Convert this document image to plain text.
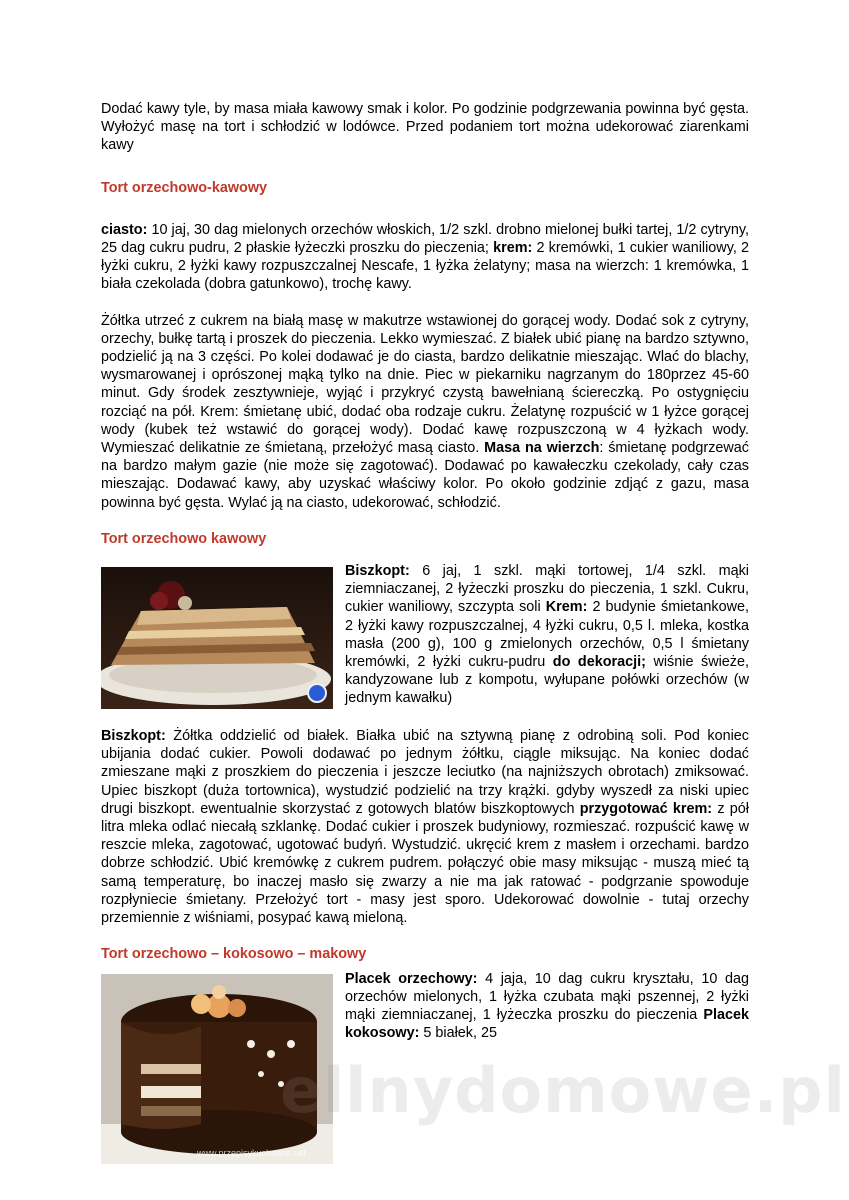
Dodać kawy tyle, by masa miała kawowy smak i kolor. Po godzinie podgrzewania powinna być gęsta. Wyłożyć masę na tort i schłodzić w lodówce. Przed podaniem tort można udekorować ziarenkami kawy

Tort orzechowo-kawowy

ciasto: 10 jaj, 30 dag mielonych orzechów włoskich, 1/2 szkl. drobno mielonej bułki tartej, 1/2 cytryny, 25 dag cukru pudru, 2 płaskie łyżeczki proszku do pieczenia; krem: 2 kremówki, 1 cukier waniliowy, 2 łyżki cukru, 2 łyżki kawy rozpuszczalnej Nescafe, 1 łyżka żelatyny; masa na wierzch: 1 kremówka, 1 biała czekolada (dobra gatunkowo), trochę kawy.

Żółtka utrzeć z cukrem na białą masę w makutrze wstawionej do gorącej wody. Dodać sok z cytryny, orzechy, bułkę tartą i proszek do pieczenia. Lekko wymieszać. Z białek ubić pianę na bardzo sztywno, podzielić ją na 3 części. Po kolei dodawać je do ciasta, bardzo delikatnie mieszając. Wlać do blachy, wysmarowanej i oprószonej mąką tylko na dnie. Piec w piekarniku nagrzanym do 180przez 45-60 minut. Gdy środek zesztywnieje, wyjąć i przykryć czystą bawełnianą ściereczką. Po ostygnięciu rozciąć na pół. Krem: śmietanę ubić, dodać oba rodzaje cukru. Żelatynę rozpuścić w 1 łyżce gorącej wody (kubek też wstawić do gorącej wody). Dodać kawę rozpuszczoną w 4 łyżkach wody. Wymieszać delikatnie ze śmietaną, przełożyć masą ciasto. Masa na wierzch: śmietanę podgrzewać na bardzo małym gazie (nie może się zagotować). Dodawać po kawałeczku czekolady, cały czas mieszając. Dodawać kawy, aby uzyskać właściwy kolor. Po około godzinie zdjąć z gazu, masa powinna być gęsta. Wylać ją na ciasto, udekorować, schłodzić.

Tort orzechowo kawowy

Biszkopt: 6 jaj, 1 szkl. mąki tortowej, 1/4 szkl. mąki ziemniaczanej, 2 łyżeczki proszku do pieczenia, 1 szkl. Cukru, cukier waniliowy, szczypta soli Krem: 2 budynie śmietankowe, 2 łyżki kawy rozpuszczalnej, 4 łyżki cukru, 0,5 l. mleka, kostka masła (200 g), 100 g zmielonych orzechów, 0,5 l śmietany kremówki, 2 łyżki cukru-pudru do dekoracji; wiśnie świeże, kandyzowane lub z kompotu, wyłupane połówki orzechów (w jednym kawałku)

Biszkopt: Żółtka oddzielić od białek. Białka ubić na sztywną pianę z odrobiną soli. Pod koniec ubijania dodać cukier. Powoli dodawać po jednym żółtku, ciągle miksując. Na koniec dodać zmieszane mąki z proszkiem do pieczenia i jeszcze leciutko (na najniższych obrotach) zmiksować. Upiec biszkopt (duża tortownica), wystudzić podzielić na trzy krążki. gdyby wyszedł za niski upiec drugi biszkopt. ewentualnie skorzystać z gotowych blatów biszkoptowych przygotować krem: z pół litra mleka odlać niecałą szklankę. Dodać cukier i proszek budyniowy, rozmieszać. rozpuścić kawę w reszcie mleka, zagotować, ugotować budyń. Wystudzić. ukręcić krem z masłem i orzechami. bardzo dobrze schłodzić. Ubić kremówkę z cukrem pudrem. połączyć obie masy miksując - muszą mieć tą samą temperaturę, bo inaczej masło się zwarzy a nie ma jak ratować - podgrzanie spowoduje rozpłyniecie śmietany. Przełożyć tort - masy jest sporo. Udekorować dowolnie - tutaj orzechy przemiennie z wiśniami, posypać kawą mieloną.

Tort orzechowo – kokosowo – makowy
www.przepisykuchenne.net

Placek orzechowy: 4 jaja, 10 dag cukru kryształu, 10 dag orzechów mielonych, 1 łyżka czubata mąki pszennej, 2 łyżki mąki ziemniaczanej, 1 łyżeczka proszku do pieczenia Placek kokosowy: 5 białek, 25

ellnydomowe.pl
